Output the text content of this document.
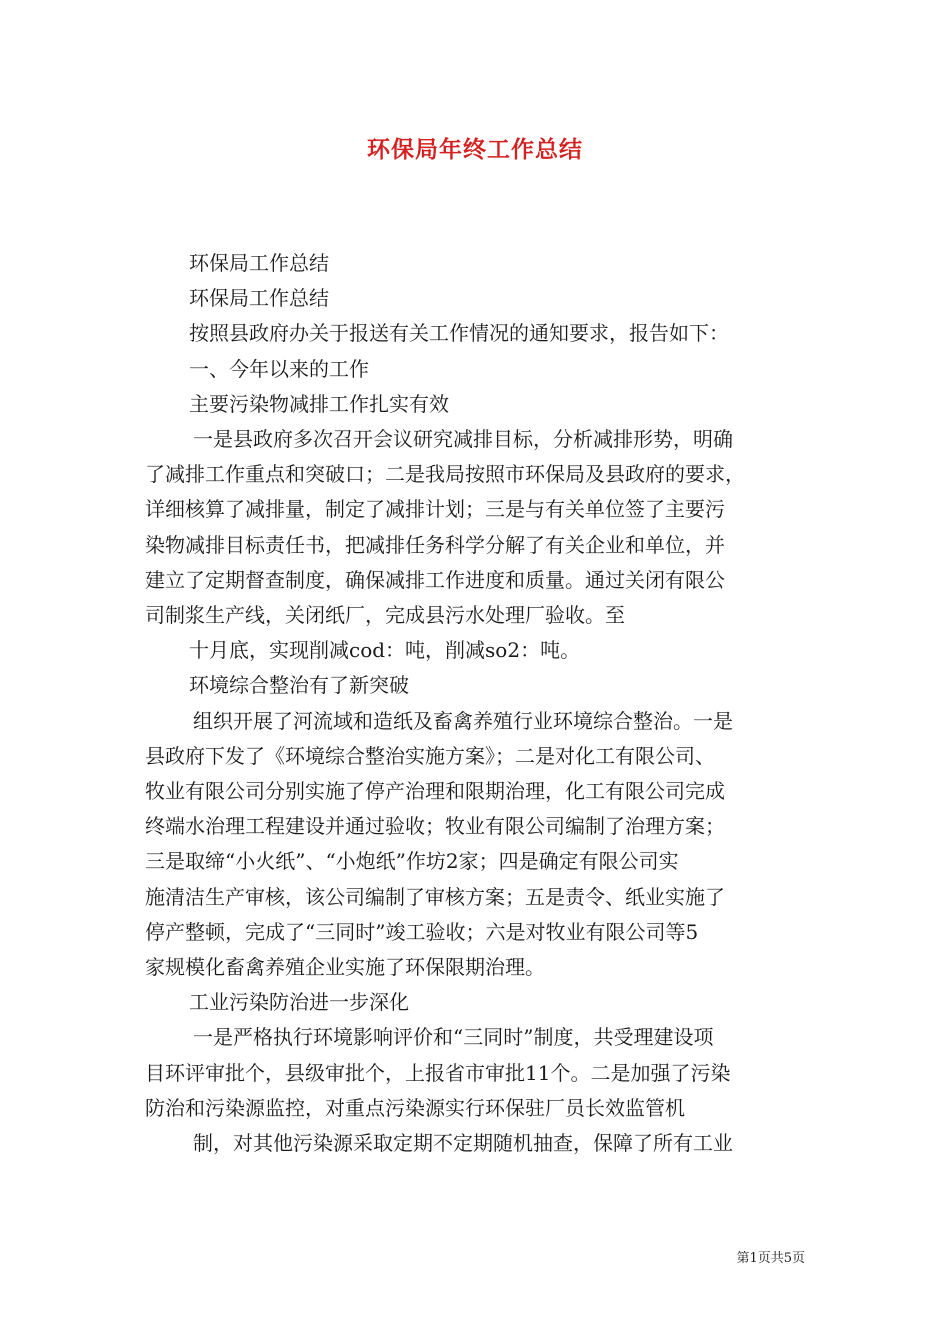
环保局年终工作总结

环保局工作总结

环保局工作总结

按照县政府办关于报送有关工作情况的通知要求，报告如下：

一、今年以来的工作

主要污染物减排工作扎实有效

一是县政府多次召开会议研究减排目标，分析减排形势，明确

了减排工作重点和突破口；二是我局按照市环保局及县政府的要求，

详细核算了减排量，制定了减排计划；三是与有关单位签了主要污

染物减排目标责任书，把减排任务科学分解了有关企业和单位，并

建立了定期督查制度，确保减排工作进度和质量。通过关闭有限公

司制浆生产线，关闭纸厂，完成县污水处理厂验收。至

十月底，实现削减cod：吨，削减so2：吨。

环境综合整治有了新突破

组织开展了河流域和造纸及畜禽养殖行业环境综合整治。一是

县政府下发了《环境综合整治实施方案》；二是对化工有限公司、

牧业有限公司分别实施了停产治理和限期治理，化工有限公司完成

终端水治理工程建设并通过验收；牧业有限公司编制了治理方案；

三是取缔“小火纸”、“小炮纸”作坊2家；四是确定有限公司实

施清洁生产审核，该公司编制了审核方案；五是责令、纸业实施了

停产整顿，完成了“三同时”竣工验收；六是对牧业有限公司等5

家规模化畜禽养殖企业实施了环保限期治理。

工业污染防治进一步深化

一是严格执行环境影响评价和“三同时”制度，共受理建设项

目环评审批个，县级审批个，上报省市审批11个。二是加强了污染

防治和污染源监控，对重点污染源实行环保驻厂员长效监管机

制，对其他污染源采取定期不定期随机抽查，保障了所有工业

第1页共5页
